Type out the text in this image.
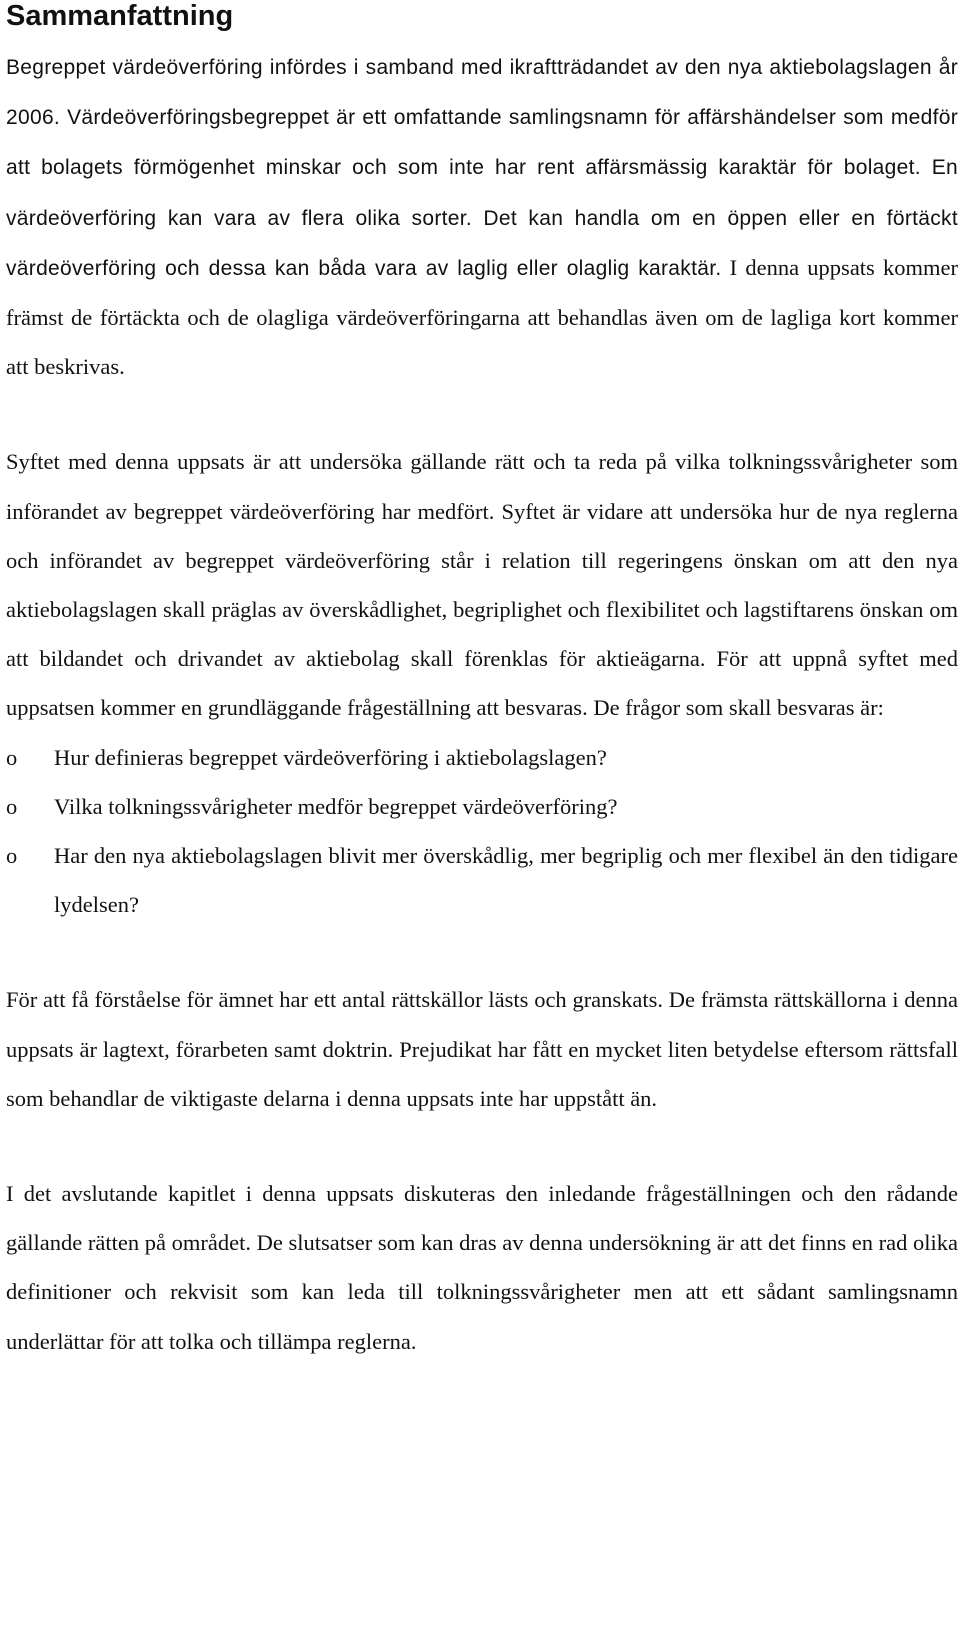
Sammanfattning

Begreppet värdeöverföring infördes i samband med ikraftträdandet av den nya aktiebolagslagen år 2006. Värdeöverföringsbegreppet är ett omfattande samlingsnamn för affärshändelser som medför att bolagets förmögenhet minskar och som inte har rent affärsmässig karaktär för bolaget. En värdeöverföring kan vara av flera olika sorter. Det kan handla om en öppen eller en förtäckt värdeöverföring och dessa kan båda vara av laglig eller olaglig karaktär. I denna uppsats kommer främst de förtäckta och de olagliga värdeöverföringarna att behandlas även om de lagliga kort kommer att beskrivas.

Syftet med denna uppsats är att undersöka gällande rätt och ta reda på vilka tolkningssvårigheter som införandet av begreppet värdeöverföring har medfört. Syftet är vidare att undersöka hur de nya reglerna och införandet av begreppet värdeöverföring står i relation till regeringens önskan om att den nya aktiebolagslagen skall präglas av överskådlighet, begriplighet och flexibilitet och lagstiftarens önskan om att bildandet och drivandet av aktiebolag skall förenklas för aktieägarna. För att uppnå syftet med uppsatsen kommer en grundläggande frågeställning att besvaras. De frågor som skall besvaras är:

o Hur definieras begreppet värdeöverföring i aktiebolagslagen?
o Vilka tolkningssvårigheter medför begreppet värdeöverföring?
o Har den nya aktiebolagslagen blivit mer överskådlig, mer begriplig och mer flexibel än den tidigare lydelsen?

För att få förståelse för ämnet har ett antal rättskällor lästs och granskats. De främsta rättskällorna i denna uppsats är lagtext, förarbeten samt doktrin. Prejudikat har fått en mycket liten betydelse eftersom rättsfall som behandlar de viktigaste delarna i denna uppsats inte har uppstått än.

I det avslutande kapitlet i denna uppsats diskuteras den inledande frågeställningen och den rådande gällande rätten på området. De slutsatser som kan dras av denna undersökning är att det finns en rad olika definitioner och rekvisit som kan leda till tolkningssvårigheter men att ett sådant samlingsnamn underlättar för att tolka och tillämpa reglerna.
